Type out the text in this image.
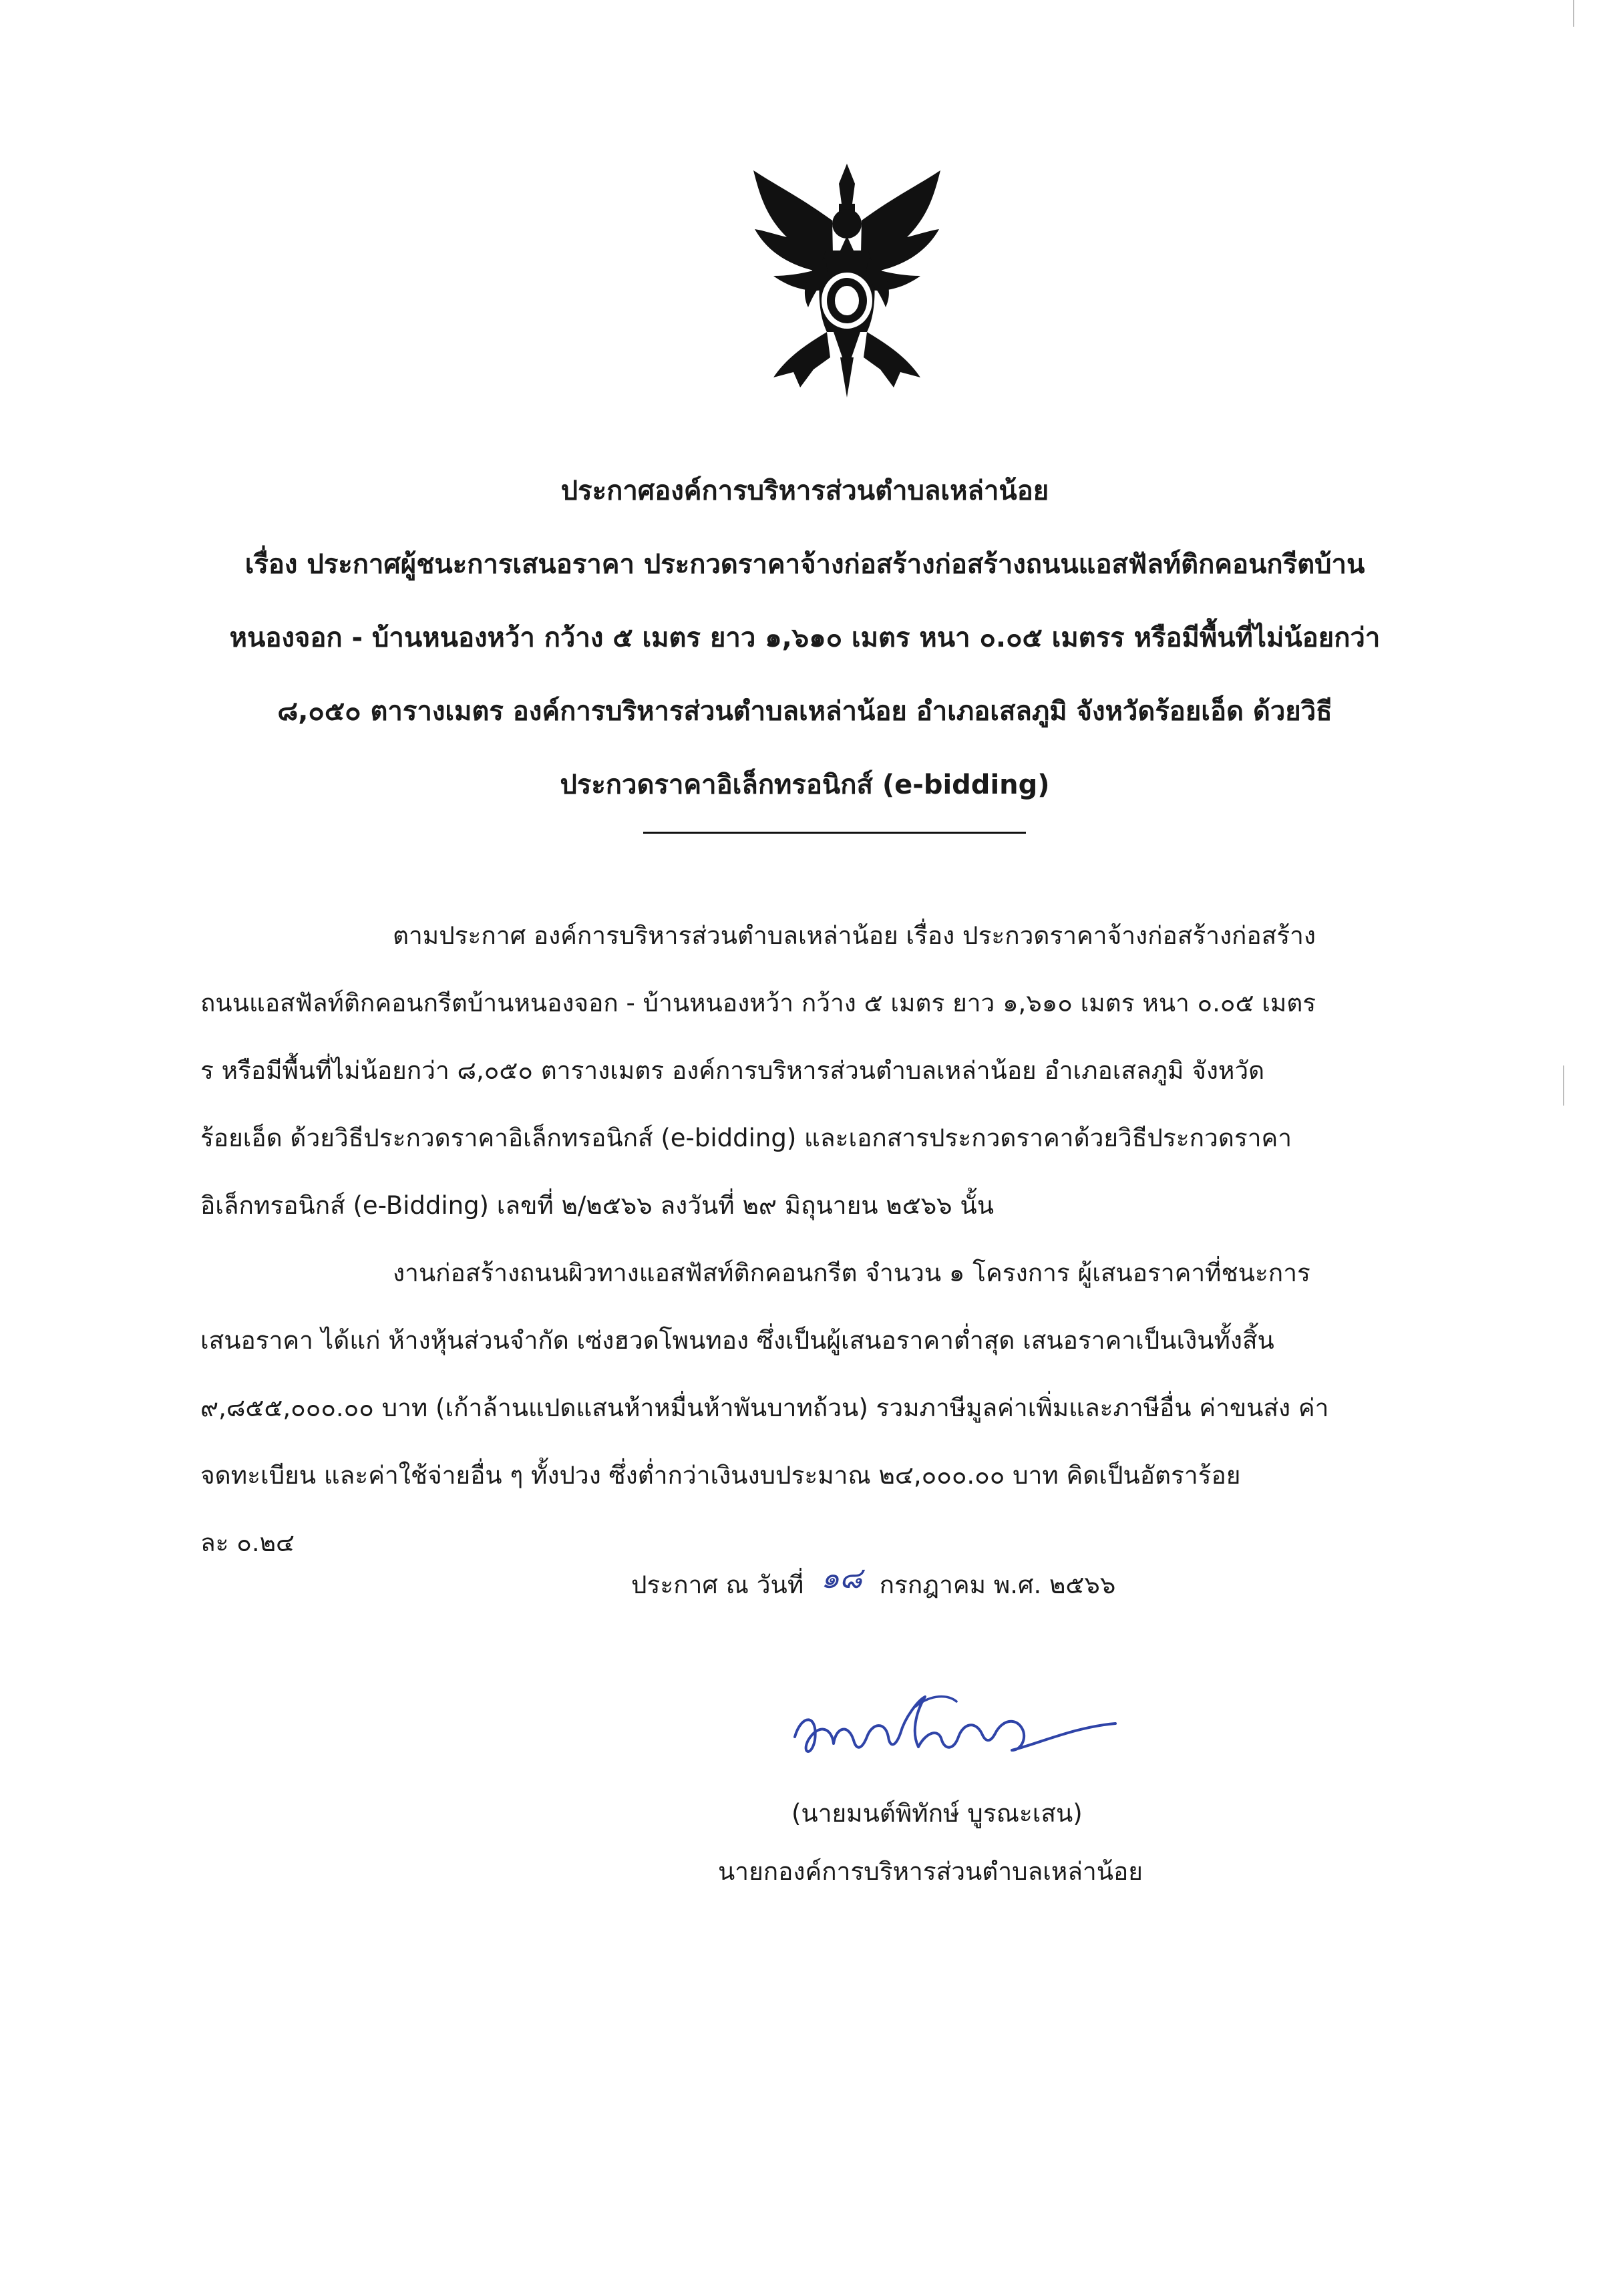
ประกาศองค์การบริหารส่วนตำบลเหล่าน้อย
เรื่อง ประกาศผู้ชนะการเสนอราคา ประกวดราคาจ้างก่อสร้างก่อสร้างถนนแอสฟัลท์ติกคอนกรีตบ้าน
หนองจอก - บ้านหนองหว้า กว้าง ๕ เมตร ยาว ๑,๖๑๐ เมตร หนา ๐.๐๕ เมตรร หรือมีพื้นที่ไม่น้อยกว่า
๘,๐๕๐ ตารางเมตร องค์การบริหารส่วนตำบลเหล่าน้อย อำเภอเสลภูมิ จังหวัดร้อยเอ็ด ด้วยวิธี
ประกวดราคาอิเล็กทรอนิกส์ (e-bidding)
ตามประกาศ องค์การบริหารส่วนตำบลเหล่าน้อย เรื่อง ประกวดราคาจ้างก่อสร้างก่อสร้าง
ถนนแอสฟัลท์ติกคอนกรีตบ้านหนองจอก - บ้านหนองหว้า กว้าง ๕ เมตร ยาว ๑,๖๑๐ เมตร หนา ๐.๐๕ เมตร
ร หรือมีพื้นที่ไม่น้อยกว่า ๘,๐๕๐ ตารางเมตร องค์การบริหารส่วนตำบลเหล่าน้อย อำเภอเสลภูมิ จังหวัด
ร้อยเอ็ด ด้วยวิธีประกวดราคาอิเล็กทรอนิกส์ (e-bidding) และเอกสารประกวดราคาด้วยวิธีประกวดราคา
อิเล็กทรอนิกส์ (e-Bidding) เลขที่ ๒/๒๕๖๖ ลงวันที่ ๒๙ มิถุนายน ๒๕๖๖ นั้น
งานก่อสร้างถนนผิวทางแอสฟัสท์ติกคอนกรีต จำนวน ๑ โครงการ ผู้เสนอราคาที่ชนะการ
เสนอราคา ได้แก่ ห้างหุ้นส่วนจำกัด เซ่งฮวดโพนทอง ซึ่งเป็นผู้เสนอราคาต่ำสุด เสนอราคาเป็นเงินทั้งสิ้น
๙,๘๕๕,๐๐๐.๐๐ บาท (เก้าล้านแปดแสนห้าหมื่นห้าพันบาทถ้วน) รวมภาษีมูลค่าเพิ่มและภาษีอื่น ค่าขนส่ง ค่า
จดทะเบียน และค่าใช้จ่ายอื่น ๆ ทั้งปวง ซึ่งต่ำกว่าเงินงบประมาณ ๒๔,๐๐๐.๐๐ บาท คิดเป็นอัตราร้อย
ละ ๐.๒๔
ประกาศ ณ วันที่ ๑๘ กรกฎาคม พ.ศ. ๒๕๖๖
(นายมนต์พิทักษ์ บูรณะเสน)
นายกองค์การบริหารส่วนตำบลเหล่าน้อย
